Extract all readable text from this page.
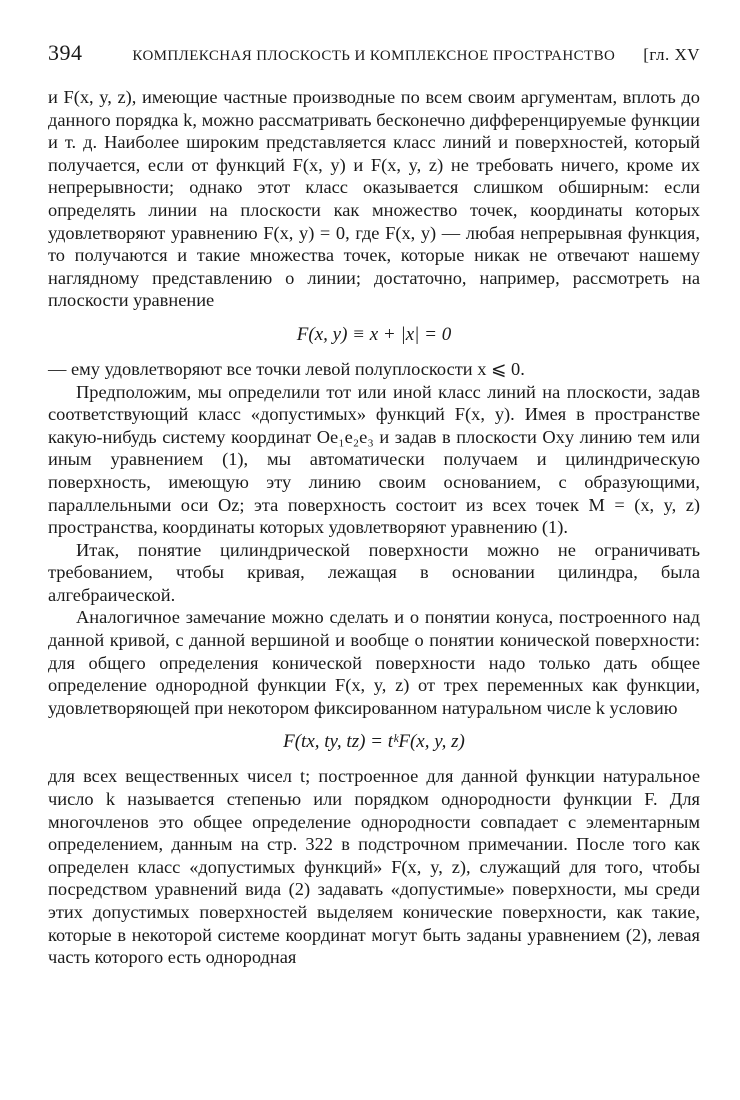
394	КОМПЛЕКСНАЯ ПЛОСКОСТЬ И КОМПЛЕКСНОЕ ПРОСТРАНСТВО [гл. XV

и F(x, y, z), имеющие частные производные по всем своим аргументам, вплоть до данного порядка k, можно рассматривать бесконечно дифференцируемые функции и т. д. Наиболее широким представляется класс линий и поверхностей, который получается, если от функций F(x, y) и F(x, y, z) не требовать ничего, кроме их непрерывности; однако этот класс оказывается слишком обширным: если определять линии на плоскости как множество точек, координаты которых удовлетворяют уравнению F(x, y) = 0, где F(x, y) — любая непрерывная функция, то получаются и такие множества точек, которые никак не отвечают нашему наглядному представлению о линии; достаточно, например, рассмотреть на плоскости уравнение

F(x, y) ≡ x + |x| = 0

— ему удовлетворяют все точки левой полуплоскости x ⩽ 0.

Предположим, мы определили тот или иной класс линий на плоскости, задав соответствующий класс «допустимых» функций F(x, y). Имея в пространстве какую-нибудь систему координат Oe₁e₂e₃ и задав в плоскости Oxy линию тем или иным уравнением (1), мы автоматически получаем и цилиндрическую поверхность, имеющую эту линию своим основанием, с образующими, параллельными оси Oz; эта поверхность состоит из всех точек M = (x, y, z) пространства, координаты которых удовлетворяют уравнению (1).

Итак, понятие цилиндрической поверхности можно не ограничивать требованием, чтобы кривая, лежащая в основании цилиндра, была алгебраической.

Аналогичное замечание можно сделать и о понятии конуса, построенного над данной кривой, с данной вершиной и вообще о понятии конической поверхности: для общего определения конической поверхности надо только дать общее определение однородной функции F(x, y, z) от трех переменных как функции, удовлетворяющей при некотором фиксированном натуральном числе k условию

F(tx, ty, tz) = tᵏF(x, y, z)

для всех вещественных чисел t; построенное для данной функции натуральное число k называется степенью или порядком однородности функции F. Для многочленов это общее определение однородности совпадает с элементарным определением, данным на стр. 322 в подстрочном примечании. После того как определен класс «допустимых функций» F(x, y, z), служащий для того, чтобы посредством уравнений вида (2) задавать «допустимые» поверхности, мы среди этих допустимых поверхностей выделяем конические поверхности, как такие, которые в некоторой системе координат могут быть заданы уравнением (2), левая часть которого есть однородная
